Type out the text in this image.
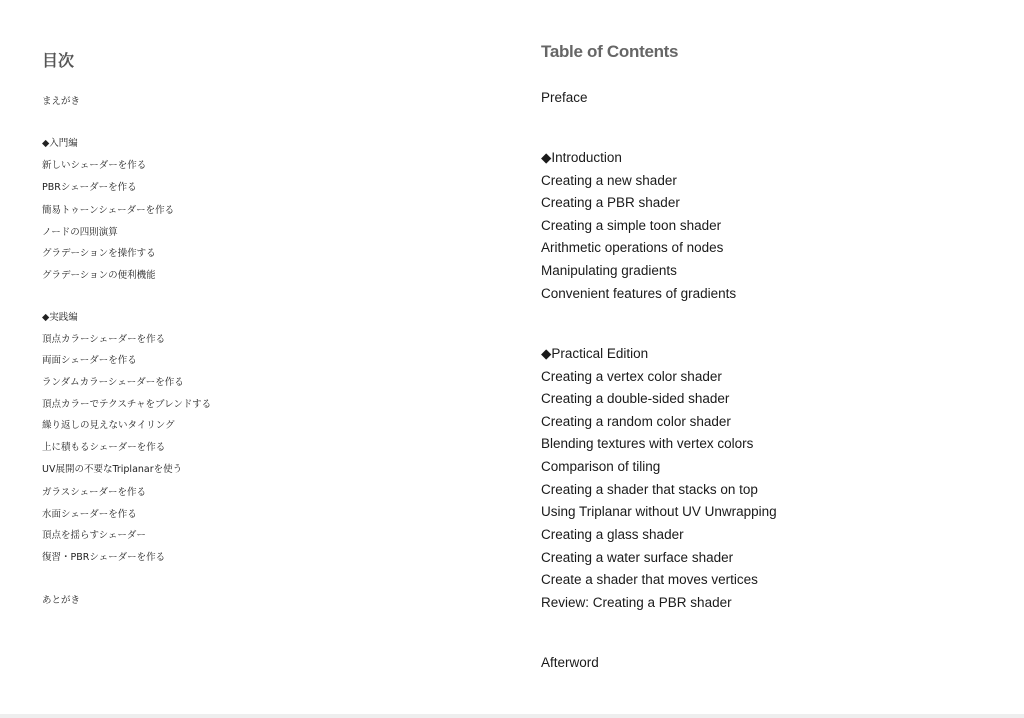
目次
まえがき
◆入門編
新しいシェーダーを作る
PBRシェーダーを作る
簡易トゥーンシェーダーを作る
ノードの四則演算
グラデーションを操作する
グラデーションの便利機能
◆実践編
頂点カラーシェーダーを作る
両面シェーダーを作る
ランダムカラーシェーダーを作る
頂点カラーでテクスチャをブレンドする
繰り返しの見えないタイリング
上に積もるシェーダーを作る
UV展開の不要なTriplanarを使う
ガラスシェーダーを作る
水面シェーダーを作る
頂点を揺らすシェーダー
復習・PBRシェーダーを作る
あとがき
Table of Contents
Preface
◆Introduction
Creating a new shader
Creating a PBR shader
Creating a simple toon shader
Arithmetic operations of nodes
Manipulating gradients
Convenient features of gradients
◆Practical Edition
Creating a vertex color shader
Creating a double-sided shader
Creating a random color shader
Blending textures with vertex colors
Comparison of tiling
Creating a shader that stacks on top
Using Triplanar without UV Unwrapping
Creating a glass shader
Creating a water surface shader
Create a shader that moves vertices
Review: Creating a PBR shader
Afterword
